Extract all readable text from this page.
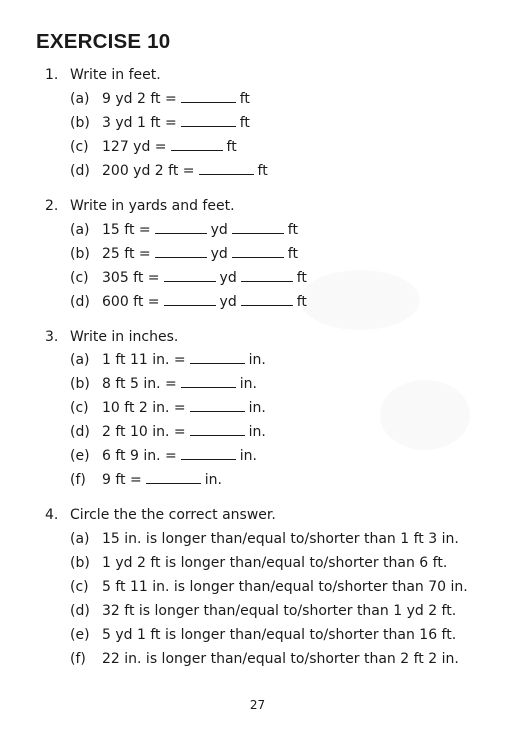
EXERCISE 10
1. Write in feet.
(a) 9 yd 2 ft =	ft
(b) 3 yd 1 ft =	ft
(c) 127 yd =	ft
(d) 200 yd 2 ft =	ft
2. Write in yards and feet.
(a) 15 ft =	yd	ft
(b) 25 ft =	yd	ft
(c) 305 ft =	yd	ft
(d) 600 ft =	yd	ft
3. Write in inches.
(a) 1 ft 11 in. =	in.
(b) 8 ft 5 in. =	in.
(c) 10 ft 2 in. =	in.
(d) 2 ft 10 in. =	in.
(e) 6 ft 9 in. =	in.
(f) 9 ft =	in.
4. Circle the the correct answer.
(a) 15 in. is longer than/equal to/shorter than 1 ft 3 in.
(b) 1 yd 2 ft is longer than/equal to/shorter than 6 ft.
(c) 5 ft 11 in. is longer than/equal to/shorter than 70 in.
(d) 32 ft is longer than/equal to/shorter than 1 yd 2 ft.
(e) 5 yd 1 ft is longer than/equal to/shorter than 16 ft.
(f) 22 in. is longer than/equal to/shorter than 2 ft 2 in.
27
